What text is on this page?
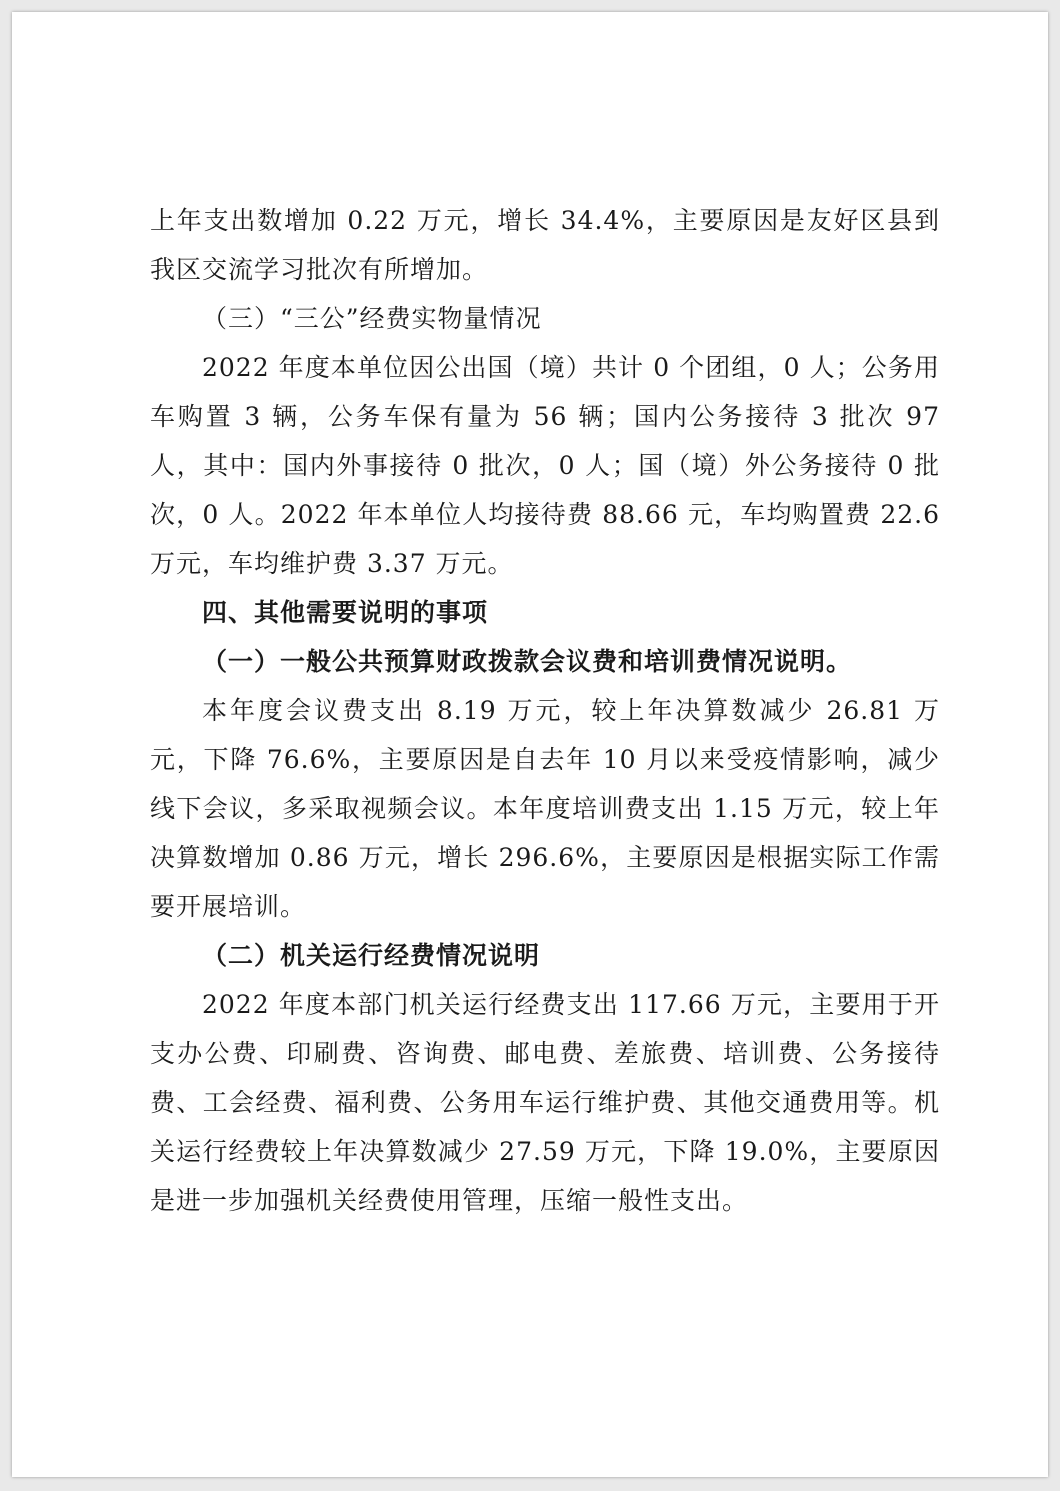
上年支出数增加 0.22 万元，增长 34.4%，主要原因是友好区县到我区交流学习批次有所增加。

（三）“三公”经费实物量情况

2022 年度本单位因公出国（境）共计 0 个团组，0 人；公务用车购置 3 辆，公务车保有量为 56 辆；国内公务接待 3 批次 97 人，其中：国内外事接待 0 批次，0 人；国（境）外公务接待 0 批次，0 人。2022 年本单位人均接待费 88.66 元，车均购置费 22.6 万元，车均维护费 3.37 万元。

四、其他需要说明的事项

（一）一般公共预算财政拨款会议费和培训费情况说明。

本年度会议费支出 8.19 万元，较上年决算数减少 26.81 万元，下降 76.6%，主要原因是自去年 10 月以来受疫情影响，减少线下会议，多采取视频会议。本年度培训费支出 1.15 万元，较上年决算数增加 0.86 万元，增长 296.6%，主要原因是根据实际工作需要开展培训。

（二）机关运行经费情况说明

2022 年度本部门机关运行经费支出 117.66 万元，主要用于开支办公费、印刷费、咨询费、邮电费、差旅费、培训费、公务接待费、工会经费、福利费、公务用车运行维护费、其他交通费用等。机关运行经费较上年决算数减少 27.59 万元，下降 19.0%，主要原因是进一步加强机关经费使用管理，压缩一般性支出。
